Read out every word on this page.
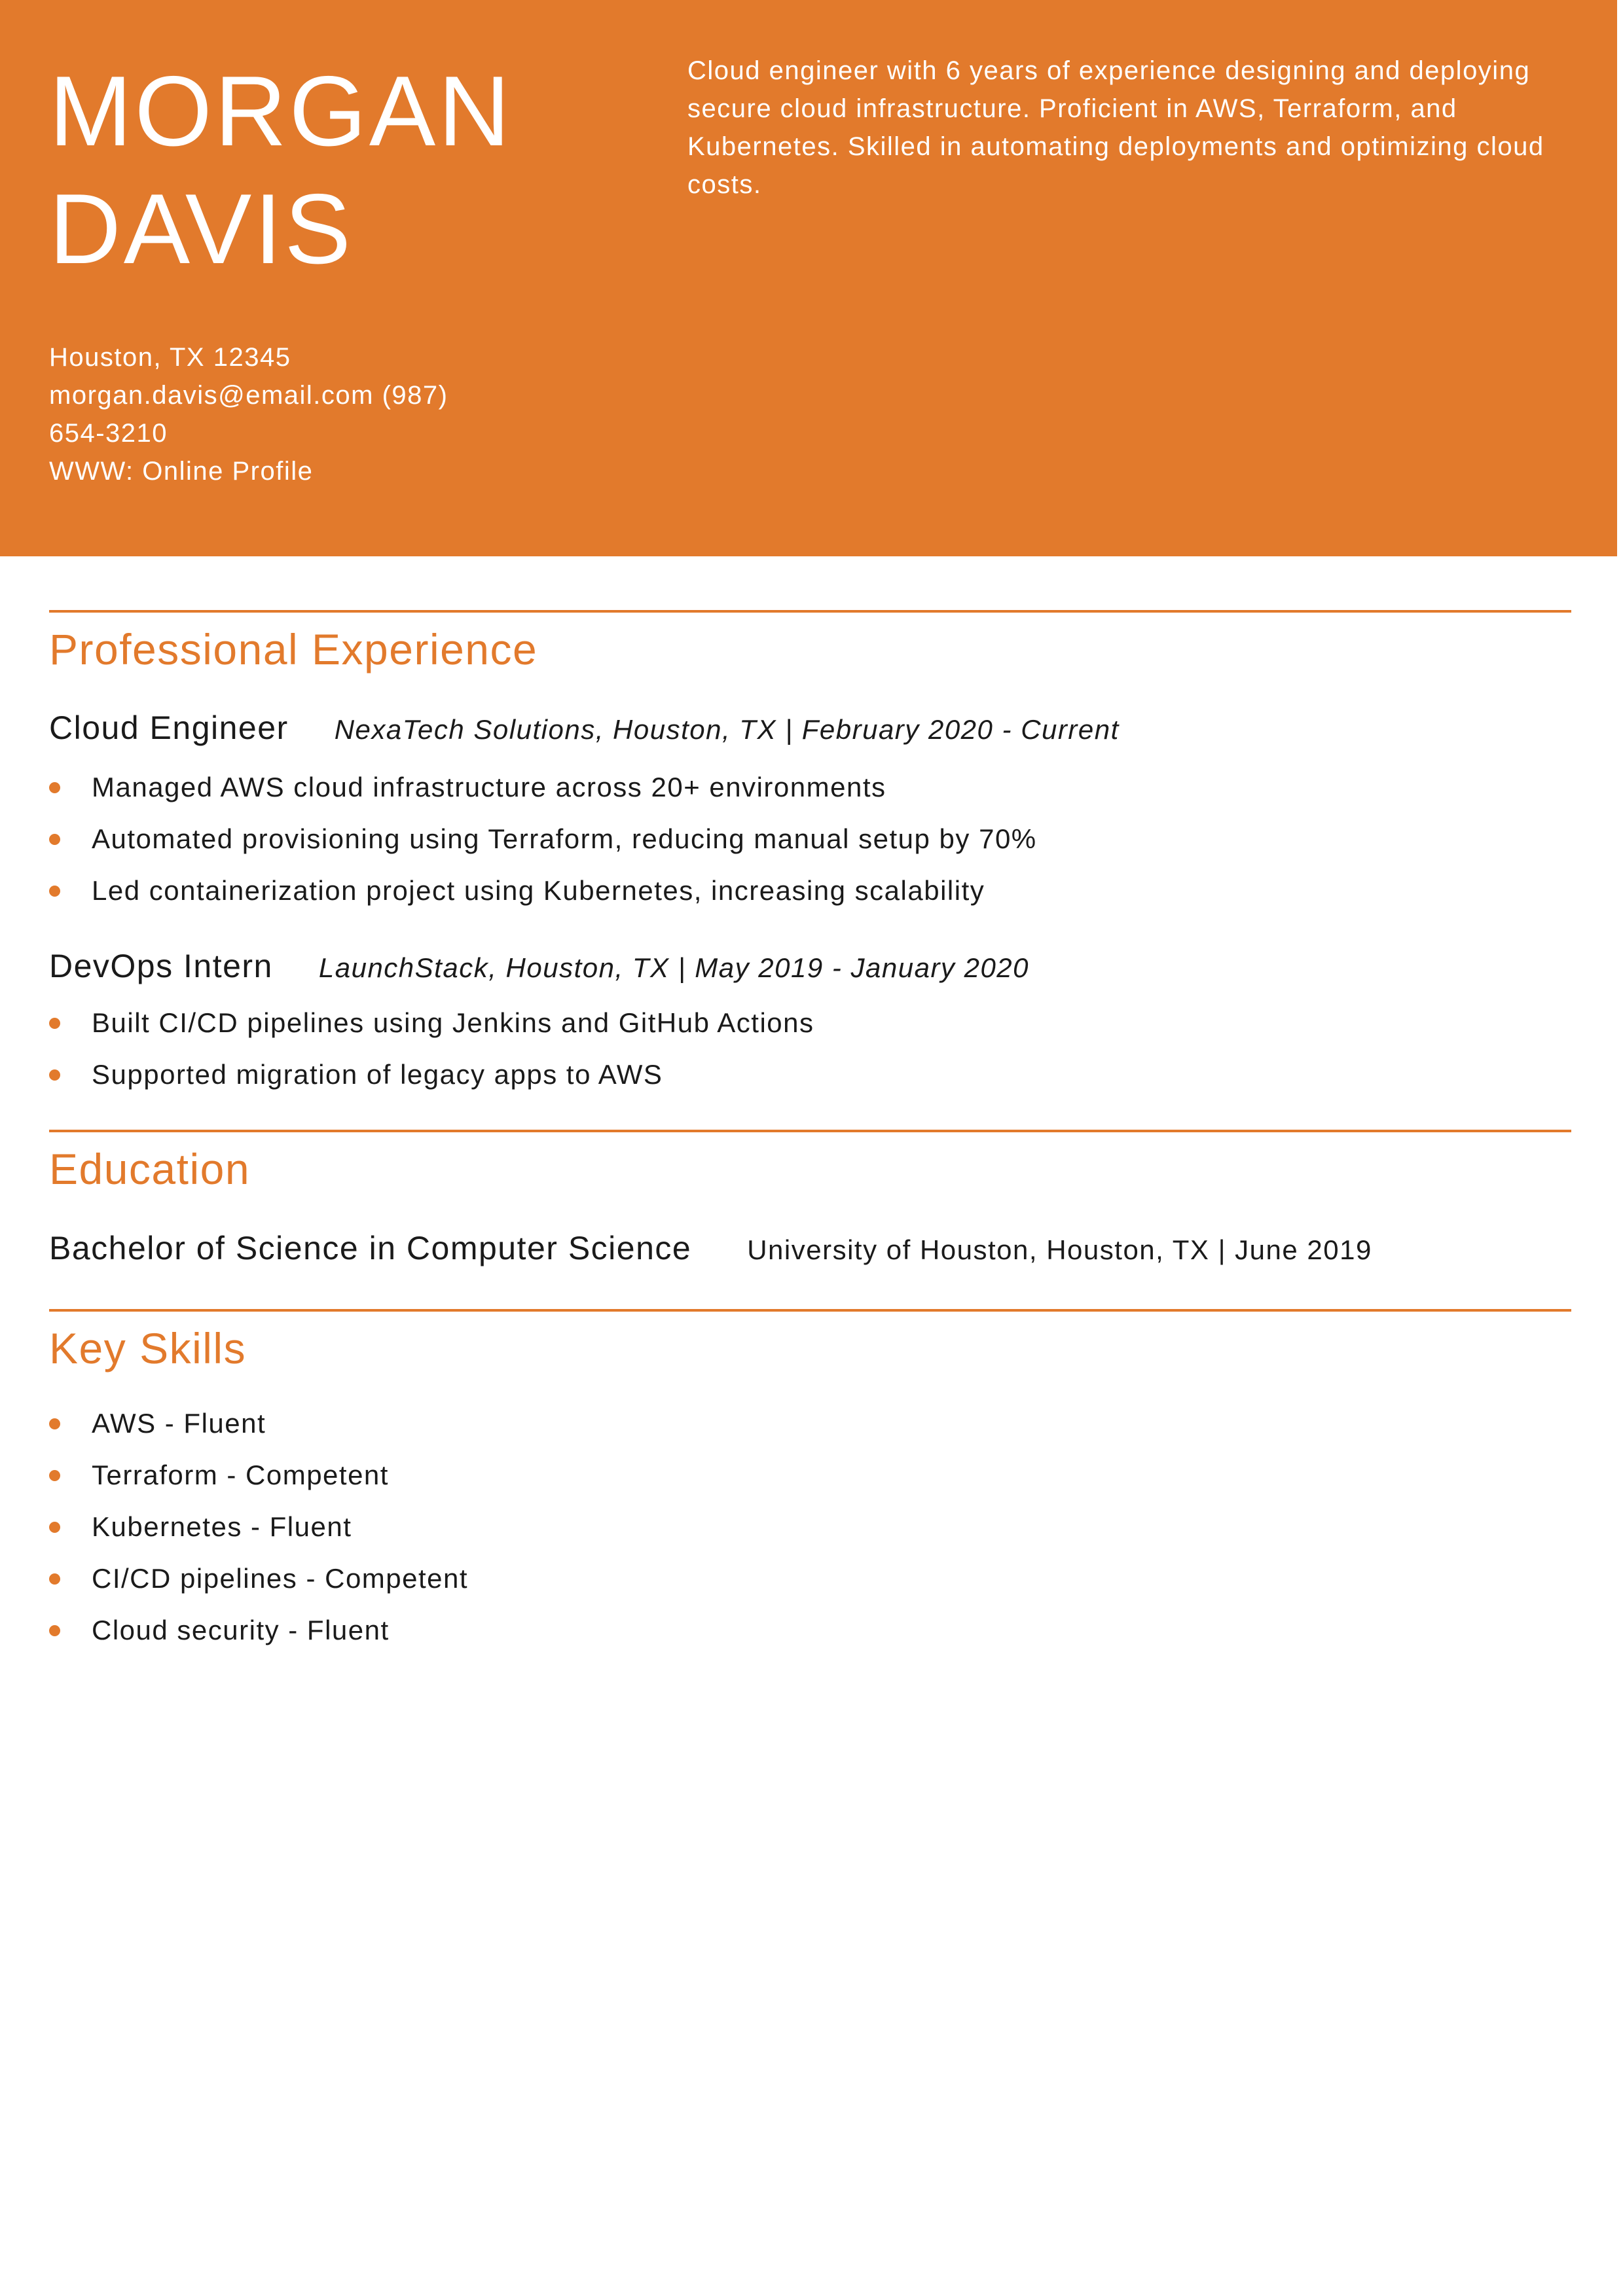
MORGAN
DAVIS
Houston, TX 12345
morgan.davis@email.com (987)
654-3210
WWW: Online Profile
Cloud engineer with 6 years of experience designing and deploying secure cloud infrastructure. Proficient in AWS, Terraform, and Kubernetes. Skilled in automating deployments and optimizing cloud costs.
Professional Experience
Cloud Engineer NexaTech Solutions, Houston, TX | February 2020 - Current
Managed AWS cloud infrastructure across 20+ environments
Automated provisioning using Terraform, reducing manual setup by 70%
Led containerization project using Kubernetes, increasing scalability
DevOps Intern LaunchStack, Houston, TX | May 2019 - January 2020
Built CI/CD pipelines using Jenkins and GitHub Actions
Supported migration of legacy apps to AWS
Education
Bachelor of Science in Computer Science University of Houston, Houston, TX | June 2019
Key Skills
AWS - Fluent
Terraform - Competent
Kubernetes - Fluent
CI/CD pipelines - Competent
Cloud security - Fluent
